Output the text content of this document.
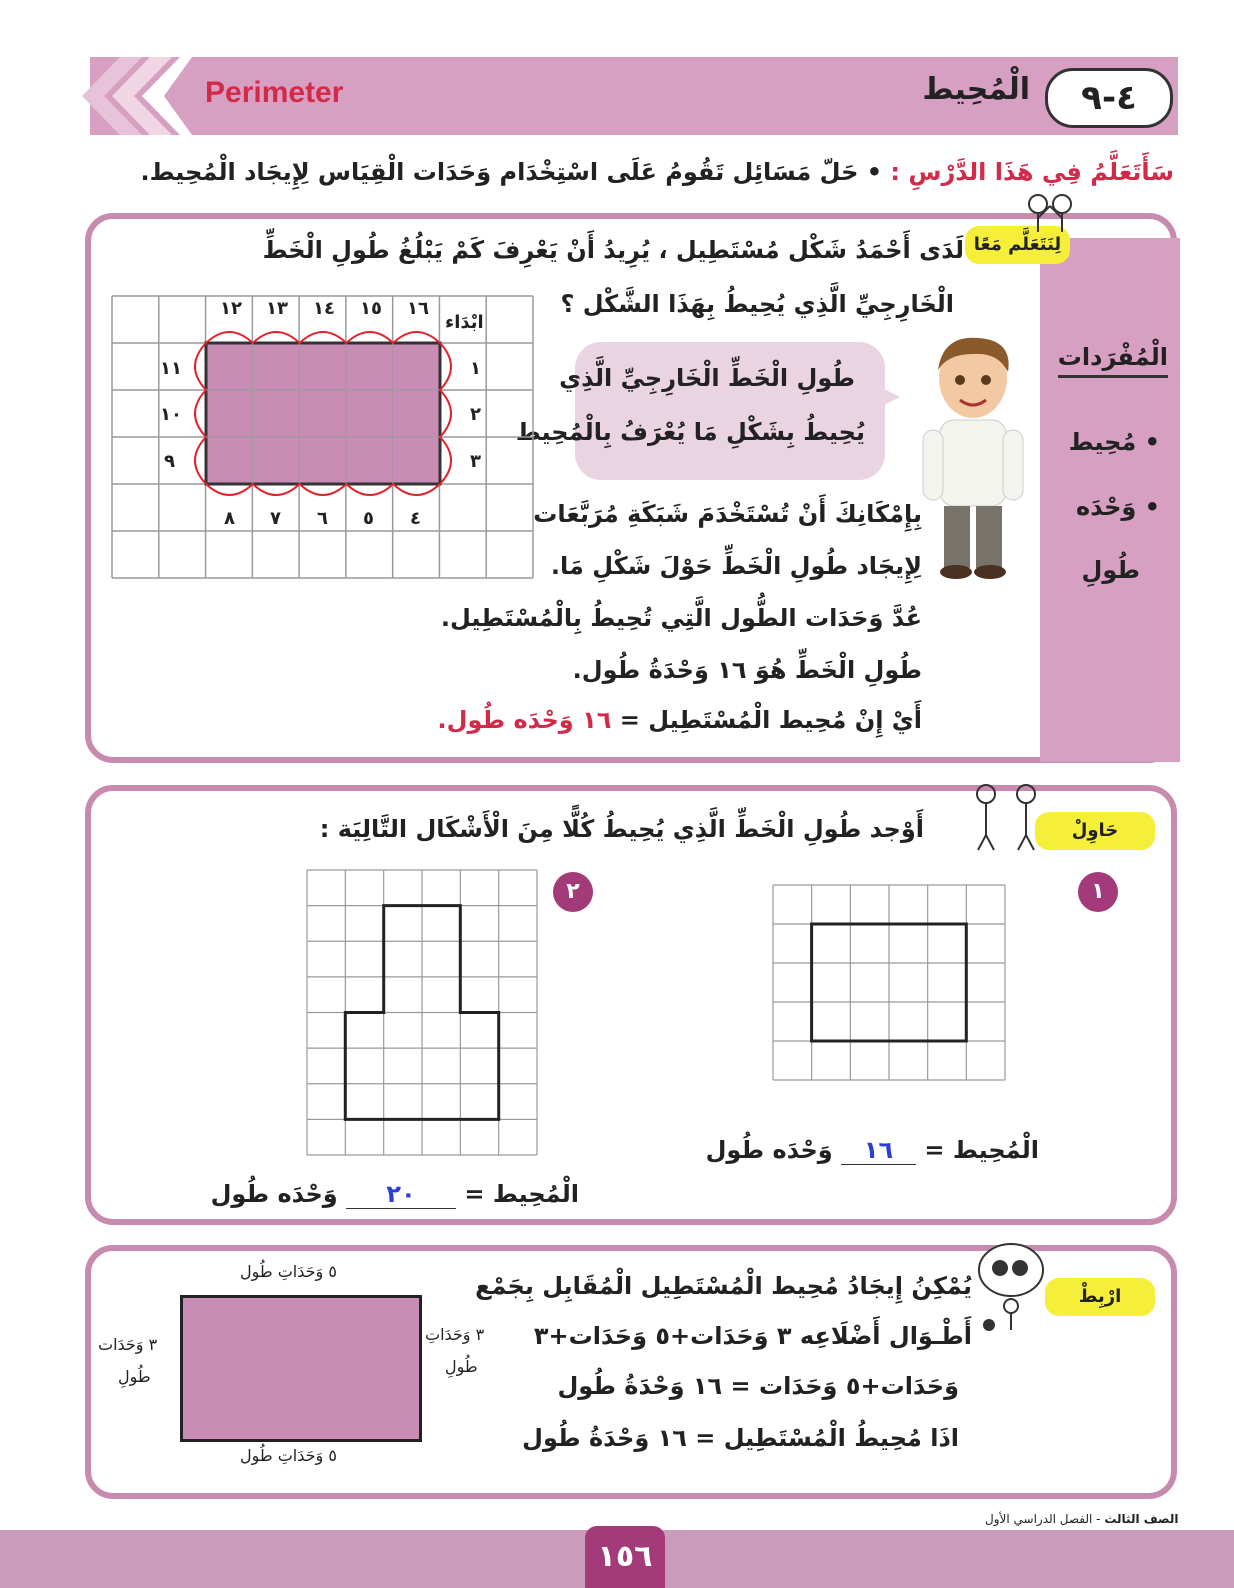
Perimeter	الْمُحِيط	٤-٩
سَأَتَعَلَّمُ فِي هَذَا الدَّرْسِ : • حَلّ مَسَائِل تَقُومُ عَلَى اسْتِخْدَام وَحَدَات الْقِيَاس لِإِيجَاد الْمُحِيط.
الْمُفْرَدات
• مُحِيط
• وَحْدَه
طُولِ
لِنَتَعَلَّم مَعًا
لَدَى أَحْمَدُ شَكْل مُسْتَطِيل ، يُرِيدُ أَنْ يَعْرِفَ كَمْ يَبْلُغُ طُولِ الْخَطِّ
الْخَارِجِيِّ الَّذِي يُحِيطُ بِهَذَا الشَّكْل ؟
طُولِ الْخَطِّ الْخَارِجِيِّ الَّذِي
يُحِيطُ بِشَكْلِ مَا يُعْرَفُ بِالْمُحِيط
بِإِمْكَانِكَ أَنْ تُسْتَخْدَمَ شَبَكَةِ مُرَبَّعَات
لِإِيجَاد طُولِ الْخَطِّ حَوْلَ شَكْلِ مَا.
عُدَّ وَحَدَات الطُّول الَّتِي تُحِيطُ بِالْمُسْتَطِيل.
طُولِ الْخَطِّ هُوَ ١٦ وَحْدَةُ طُول.
أَيْ إِنْ مُحِيط الْمُسْتَطِيل = ١٦ وَحْدَه طُول.
ابْدَاء
١٢ ١٣ ١٤ ١٥ ١٦
١
٢
٣
٤
٥
٦
٧
٨
١١
١٠
٩
حَاوِلْ
أَوْجد طُولِ الْخَطِّ الَّذِي يُحِيطُ كُلًّا مِنَ الْأَشْكَال التَّالِيَة :
١
٢
الْمُحِيط = ١٦ وَحْدَه طُول
الْمُحِيط = ٢٠ وَحْدَه طُول
ارْبِطْ
يُمْكِنُ إِيجَادُ مُحِيط الْمُسْتَطِيل الْمُقَابِل بِجَمْع
أَطْـوَال أَضْلَاعِه ٣ وَحَدَات+٥ وَحَدَات+٣
وَحَدَات+٥ وَحَدَات = ١٦ وَحْدَةُ طُول
اذَا مُحِيطُ الْمُسْتَطِيل = ١٦ وَحْدَةُ طُول
٥ وَحَدَاتِ طُول
٥ وَحَدَاتِ طُول
٣ وَحَدَاتِ
طُولِ
٣ وَحَدَات
طُولِ
١٥٦
الصف الثالث - الفصل الدراسي الأول
